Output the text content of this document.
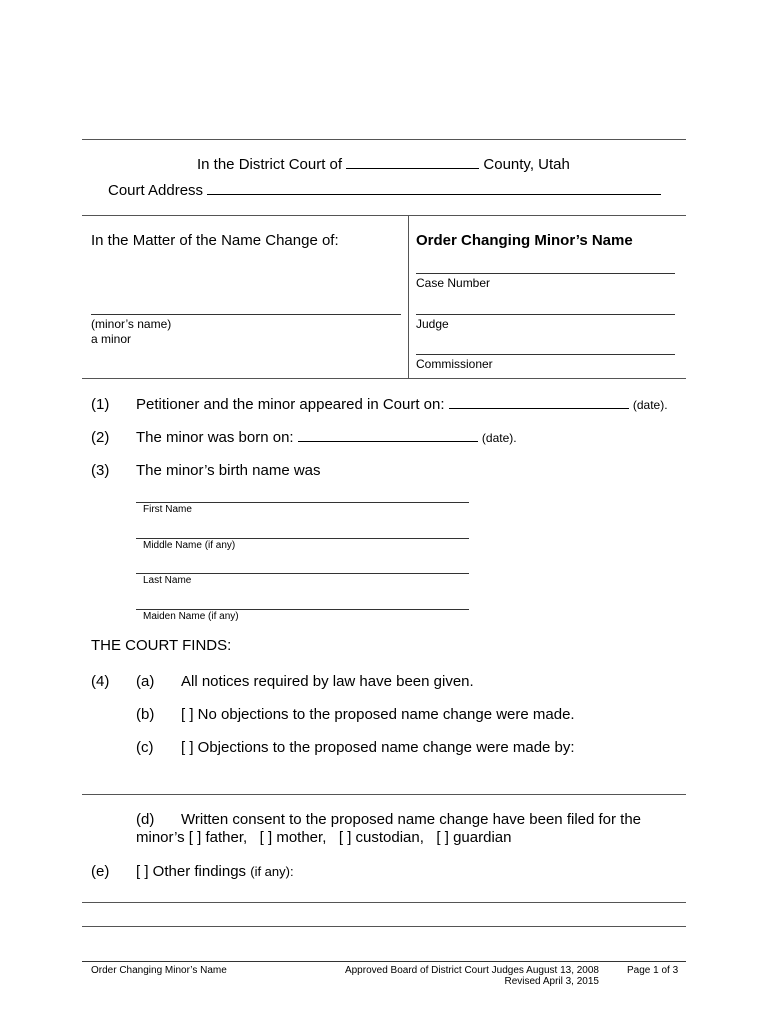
In the District Court of	County, Utah
Court Address
In the Matter of the Name Change of:
(minor’s name)
a minor
Order Changing Minor’s Name
Case Number
Judge
Commissioner
(1) Petitioner and the minor appeared in Court on:	(date).
(2) The minor was born on:	(date).
(3) The minor’s birth name was
First Name
Middle Name (if any)
Last Name
Maiden Name (if any)
THE COURT FINDS:
(4) (a) All notices required by law have been given.
(b) [ ] No objections to the proposed name change were made.
(c) [ ] Objections to the proposed name change were made by:
(d) Written consent to the proposed name change have been filed for the
minor’s [ ] father,   [ ] mother,   [ ] custodian,   [ ] guardian
(e) [ ] Other findings (if any):
Order Changing Minor’s Name	Approved Board of District Court Judges August 13, 2008
Revised April 3, 2015
Page 1 of 3
